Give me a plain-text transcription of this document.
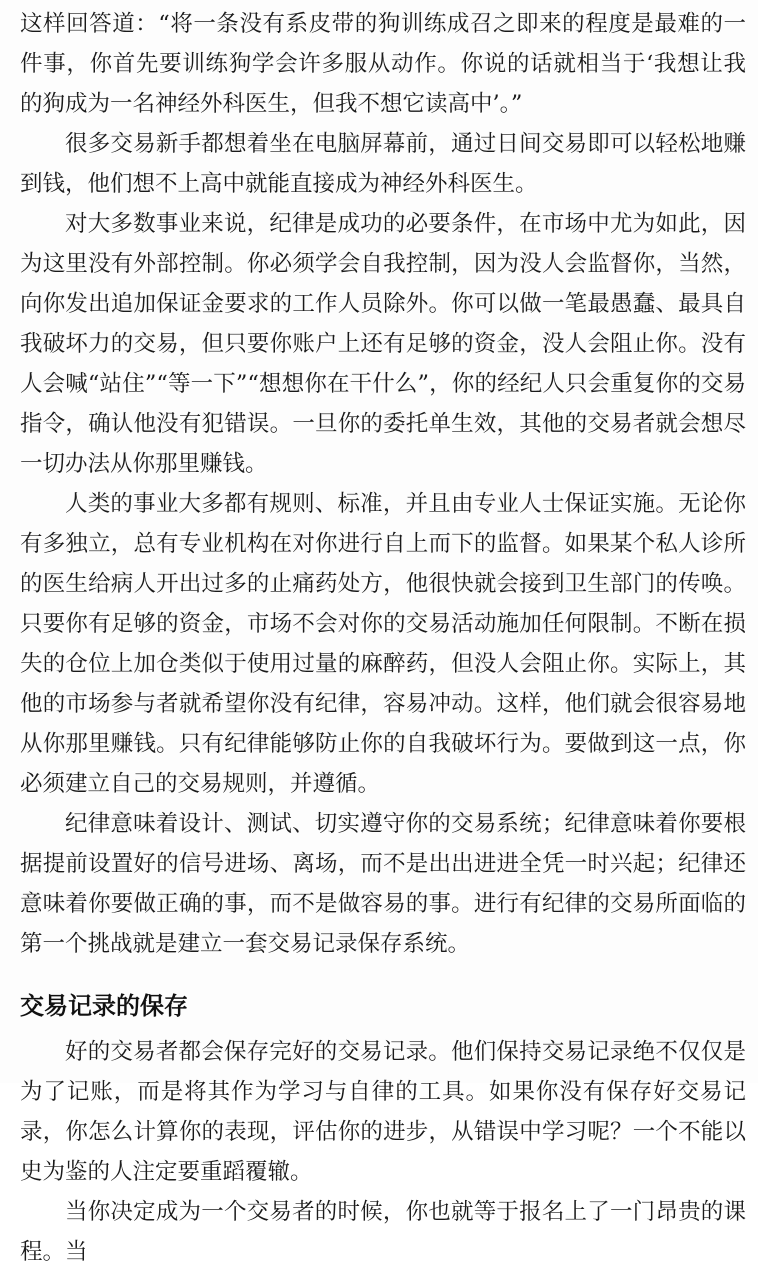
这样回答道：“将一条没有系皮带的狗训练成召之即来的程度是最难的一件事，你首先要训练狗学会许多服从动作。你说的话就相当于‘我想让我的狗成为一名神经外科医生，但我不想它读高中’。”

很多交易新手都想着坐在电脑屏幕前，通过日间交易即可以轻松地赚到钱，他们想不上高中就能直接成为神经外科医生。

对大多数事业来说，纪律是成功的必要条件，在市场中尤为如此，因为这里没有外部控制。你必须学会自我控制，因为没人会监督你，当然，向你发出追加保证金要求的工作人员除外。你可以做一笔最愚蠢、最具自我破坏力的交易，但只要你账户上还有足够的资金，没人会阻止你。没有人会喊“站住”“等一下”“想想你在干什么”，你的经纪人只会重复你的交易指令，确认他没有犯错误。一旦你的委托单生效，其他的交易者就会想尽一切办法从你那里赚钱。

人类的事业大多都有规则、标准，并且由专业人士保证实施。无论你有多独立，总有专业机构在对你进行自上而下的监督。如果某个私人诊所的医生给病人开出过多的止痛药处方，他很快就会接到卫生部门的传唤。只要你有足够的资金，市场不会对你的交易活动施加任何限制。不断在损失的仓位上加仓类似于使用过量的麻醉药，但没人会阻止你。实际上，其他的市场参与者就希望你没有纪律，容易冲动。这样，他们就会很容易地从你那里赚钱。只有纪律能够防止你的自我破坏行为。要做到这一点，你必须建立自己的交易规则，并遵循。

纪律意味着设计、测试、切实遵守你的交易系统；纪律意味着你要根据提前设置好的信号进场、离场，而不是出出进进全凭一时兴起；纪律还意味着你要做正确的事，而不是做容易的事。进行有纪律的交易所面临的第一个挑战就是建立一套交易记录保存系统。

交易记录的保存

好的交易者都会保存完好的交易记录。他们保持交易记录绝不仅仅是为了记账，而是将其作为学习与自律的工具。如果你没有保存好交易记录，你怎么计算你的表现，评估你的进步，从错误中学习呢？一个不能以史为鉴的人注定要重蹈覆辙。

当你决定成为一个交易者的时候，你也就等于报名上了一门昂贵的课程。当
